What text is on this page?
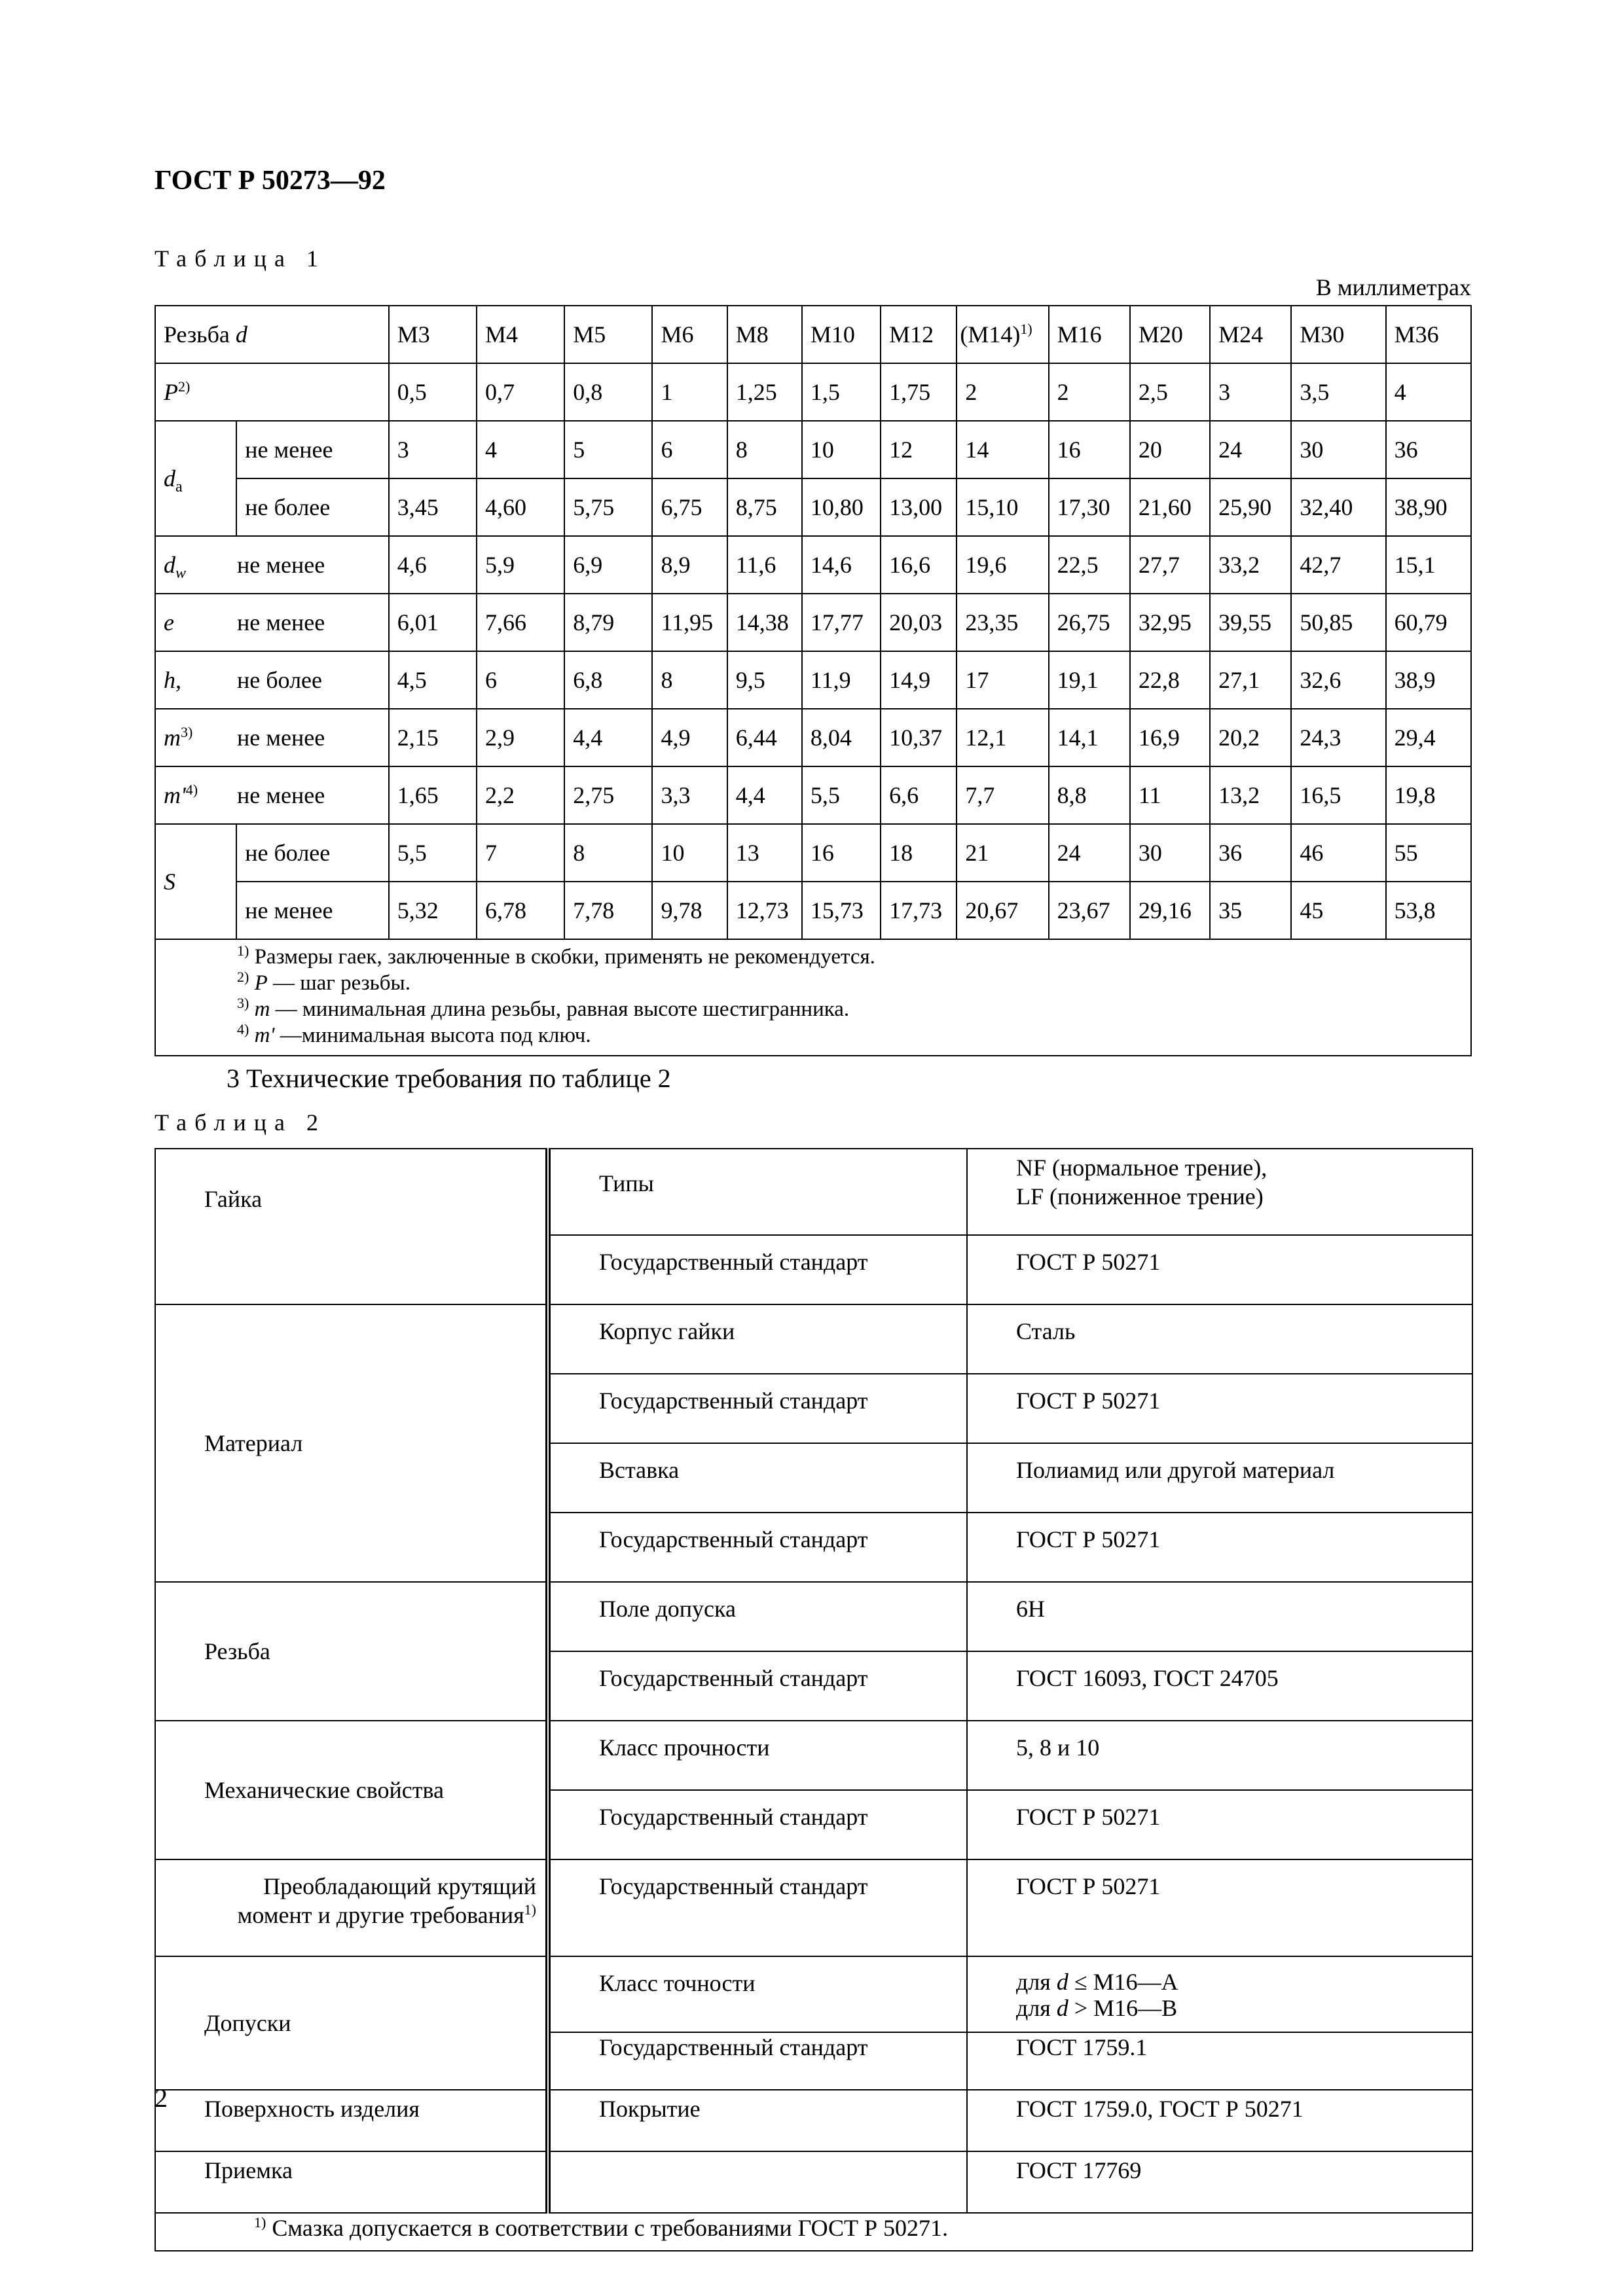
ГОСТ Р 50273—92
Таблица 1
В миллиметрах
Резьба d		M3	M4	M5	M6	M8	M10	M12	$(M14)^{1)}$	M16	M20	M24	M30	M36
$P^{2)}$		0,5	0,7	0,8	1	1,25	1,5	1,75	2	2	2,5	3	3,5	4
$d_a$	не менее	3	4	5	6	8	10	12	14	16	20	24	30	36
	не более	3,45	4,60	5,75	6,75	8,75	10,80	13,00	15,10	17,30	21,60	25,90	32,40	38,90
$d_w$ не менее		4,6	5,9	6,9	8,9	11,6	14,6	16,6	19,6	22,5	27,7	33,2	42,7	15,1
e не менее		6,01	7,66	8,79	11,95	14,38	17,77	20,03	23,35	26,75	32,95	39,55	50,85	60,79
h, не более		4,5	6	6,8	8	9,5	11,9	14,9	17	19,1	22,8	27,1	32,6	38,9
$m^{3)}$ не менее		2,15	2,9	4,4	4,9	6,44	8,04	10,37	12,1	14,1	16,9	20,2	24,3	29,4
$m'^{4)}$ не менее		1,65	2,2	2,75	3,3	4,4	5,5	6,6	7,7	8,8	11	13,2	16,5	19,8
S	не более	5,5	7	8	10	13	16	18	21	24	30	36	46	55
	не менее	5,32	6,78	7,78	9,78	12,73	15,73	17,73	20,67	23,67	29,16	35	45	53,8

$^{1)}$ Размеры гаек, заключенные в скобки, применять не рекомендуется.
$^{2)}$ P — шаг резьбы.
$^{3)}$ m — минимальная длина резьбы, равная высоте шестигранника.
$^{4)}$ m' —минимальная высота под ключ.														
3 Технические требования по таблице 2
Таблица 2
Гайка	Типы	NF (нормальное трение),
LF (пониженное трение)

	Государственный стандарт	ГОСТ Р 50271
Материал	Корпус гайки	Сталь
	Государственный стандарт	ГОСТ Р 50271
	Вставка	Полиамид или другой материал
	Государственный стандарт	ГОСТ Р 50271
Резьба	Поле допуска	6Н
	Государственный стандарт	ГОСТ 16093, ГОСТ 24705
Механические свойства	Класс прочности	5, 8 и 10
	Государственный стандарт	ГОСТ Р 50271

Преобладающий крутящий
момент и другие требования$^{1)}$	Государственный стандарт	ГОСТ Р 50271
Допуски	Класс точности	для d ≤ М16—А
для d > М16—В

	Государственный стандарт	ГОСТ 1759.1
Поверхность изделия	Покрытие	ГОСТ 1759.0, ГОСТ Р 50271
Приемка		ГОСТ 17769
$^{1)}$ Смазка допускается в соответствии с требованиями ГОСТ Р 50271.		
2
